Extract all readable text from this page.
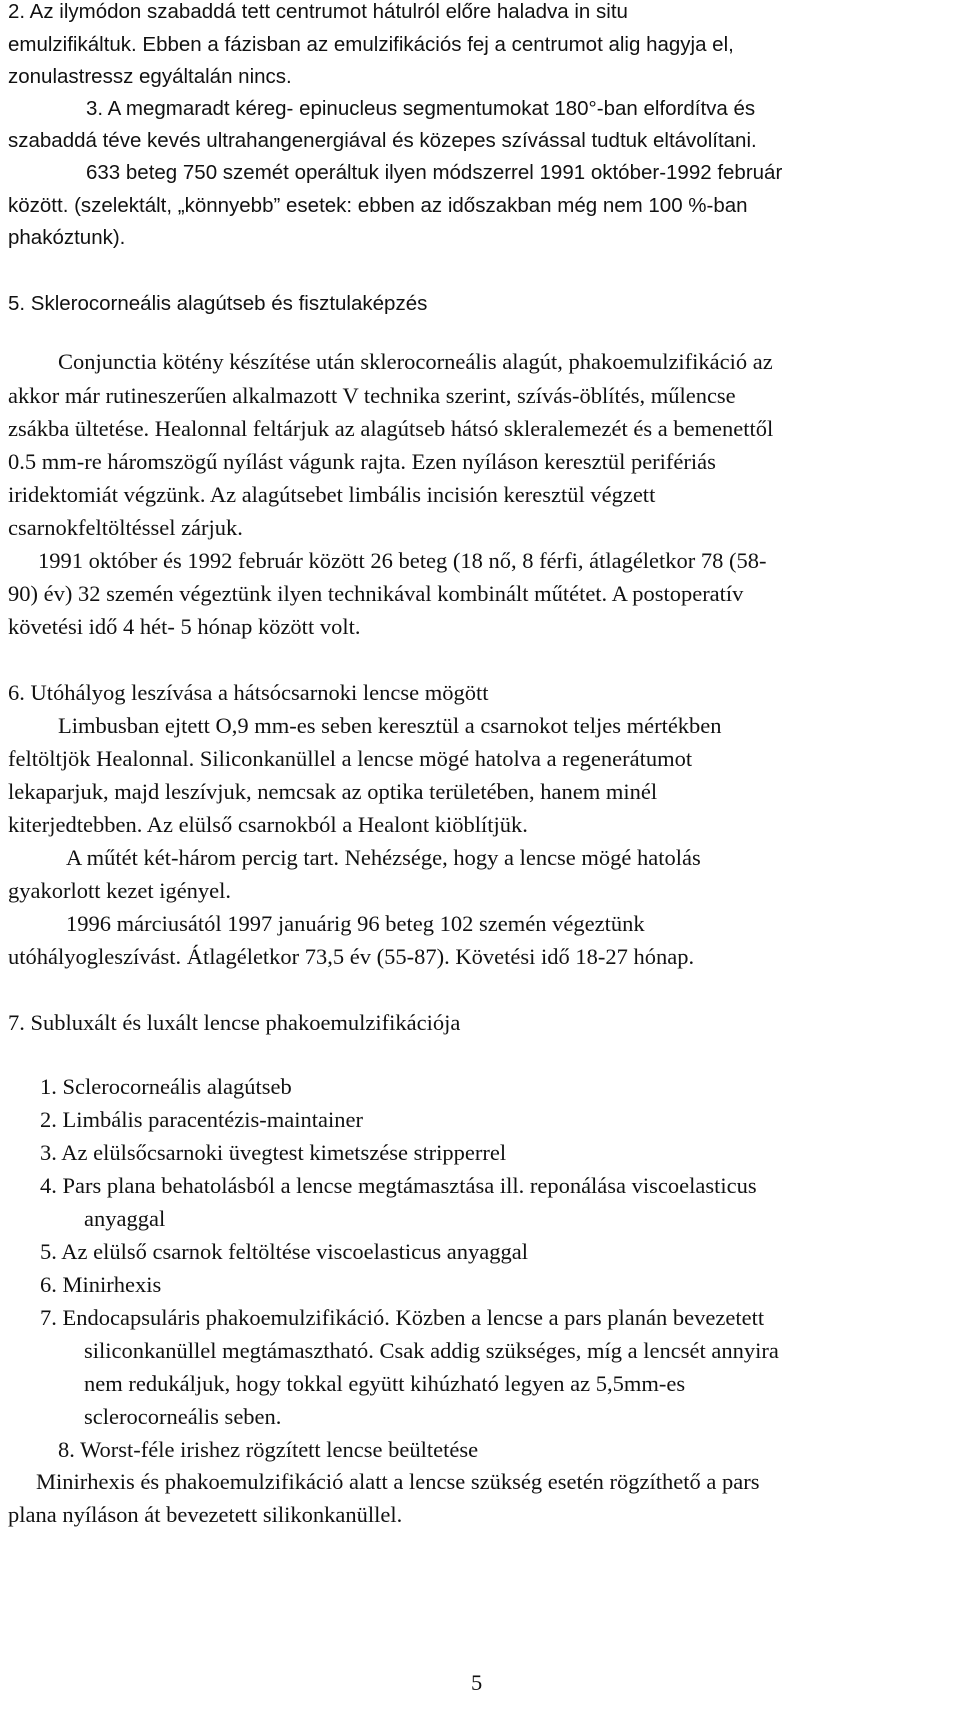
2. Az ilymódon szabaddá tett centrumot hátulról előre haladva in situ
emulzifikáltuk. Ebben a fázisban az emulzifikációs fej a centrumot alig hagyja el,
zonulastressz egyáltalán nincs.
3. A megmaradt kéreg- epinucleus segmentumokat 180°-ban elfordítva és
szabaddá téve kevés ultrahangenergiával és közepes szívással tudtuk eltávolítani.
633 beteg 750 szemét operáltuk ilyen módszerrel 1991 október-1992 február
között. (szelektált, „könnyebb” esetek: ebben az időszakban még nem 100 %-ban
phakóztunk).
5. Sklerocorneális alagútseb és fisztulaképzés
Conjunctia kötény készítése után sklerocorneális alagút, phakoemulzifikáció az
akkor már rutineszerűen alkalmazott V technika szerint, szívás-öblítés, műlencse
zsákba ültetése. Healonnal feltárjuk az alagútseb hátsó skleralemezét és a bemenettől
0.5 mm-re háromszögű nyílást vágunk rajta. Ezen nyíláson keresztül perifériás
iridektomiát végzünk. Az alagútsebet limbális incisión keresztül végzett
csarnokfeltöltéssel zárjuk.
1991 október és 1992 február között 26 beteg (18 nő, 8 férfi, átlagéletkor 78 (58-
90) év) 32 szemén végeztünk ilyen technikával kombinált műtétet. A postoperatív
követési idő 4 hét- 5 hónap között volt.
6. Utóhályog leszívása a hátsócsarnoki lencse mögött
Limbusban ejtett O,9 mm-es seben keresztül a csarnokot teljes mértékben
feltöltjök Healonnal. Siliconkanüllel a lencse mögé hatolva a regenerátumot
lekaparjuk, majd leszívjuk, nemcsak az optika területében, hanem minél
kiterjedtebben. Az elülső csarnokból a Healont kiöblítjük.
A műtét két-három percig tart. Nehézsége, hogy a lencse mögé hatolás
gyakorlott kezet igényel.
1996 márciusától 1997 januárig 96 beteg 102 szemén végeztünk
utóhályogleszívást. Átlagéletkor 73,5 év (55-87). Követési idő 18-27 hónap.
7. Subluxált és luxált lencse phakoemulzifikációja
1. Sclerocorneális alagútseb
2. Limbális paracentézis-maintainer
3. Az elülsőcsarnoki üvegtest kimetszése stripperrel
4. Pars plana behatolásból a lencse megtámasztása ill. reponálása viscoelasticus
anyaggal
5. Az elülső csarnok feltöltése viscoelasticus anyaggal
6. Minirhexis
7. Endocapsuláris phakoemulzifikáció. Közben a lencse a pars planán bevezetett
siliconkanüllel megtámasztható. Csak addig szükséges, míg a lencsét annyira
nem redukáljuk, hogy tokkal együtt kihúzható legyen az 5,5mm-es
sclerocorneális seben.
8. Worst-féle irishez rögzített lencse beültetése
Minirhexis és phakoemulzifikáció alatt a lencse szükség esetén rögzíthető a pars
plana nyíláson át bevezetett silikonkanüllel.
5
